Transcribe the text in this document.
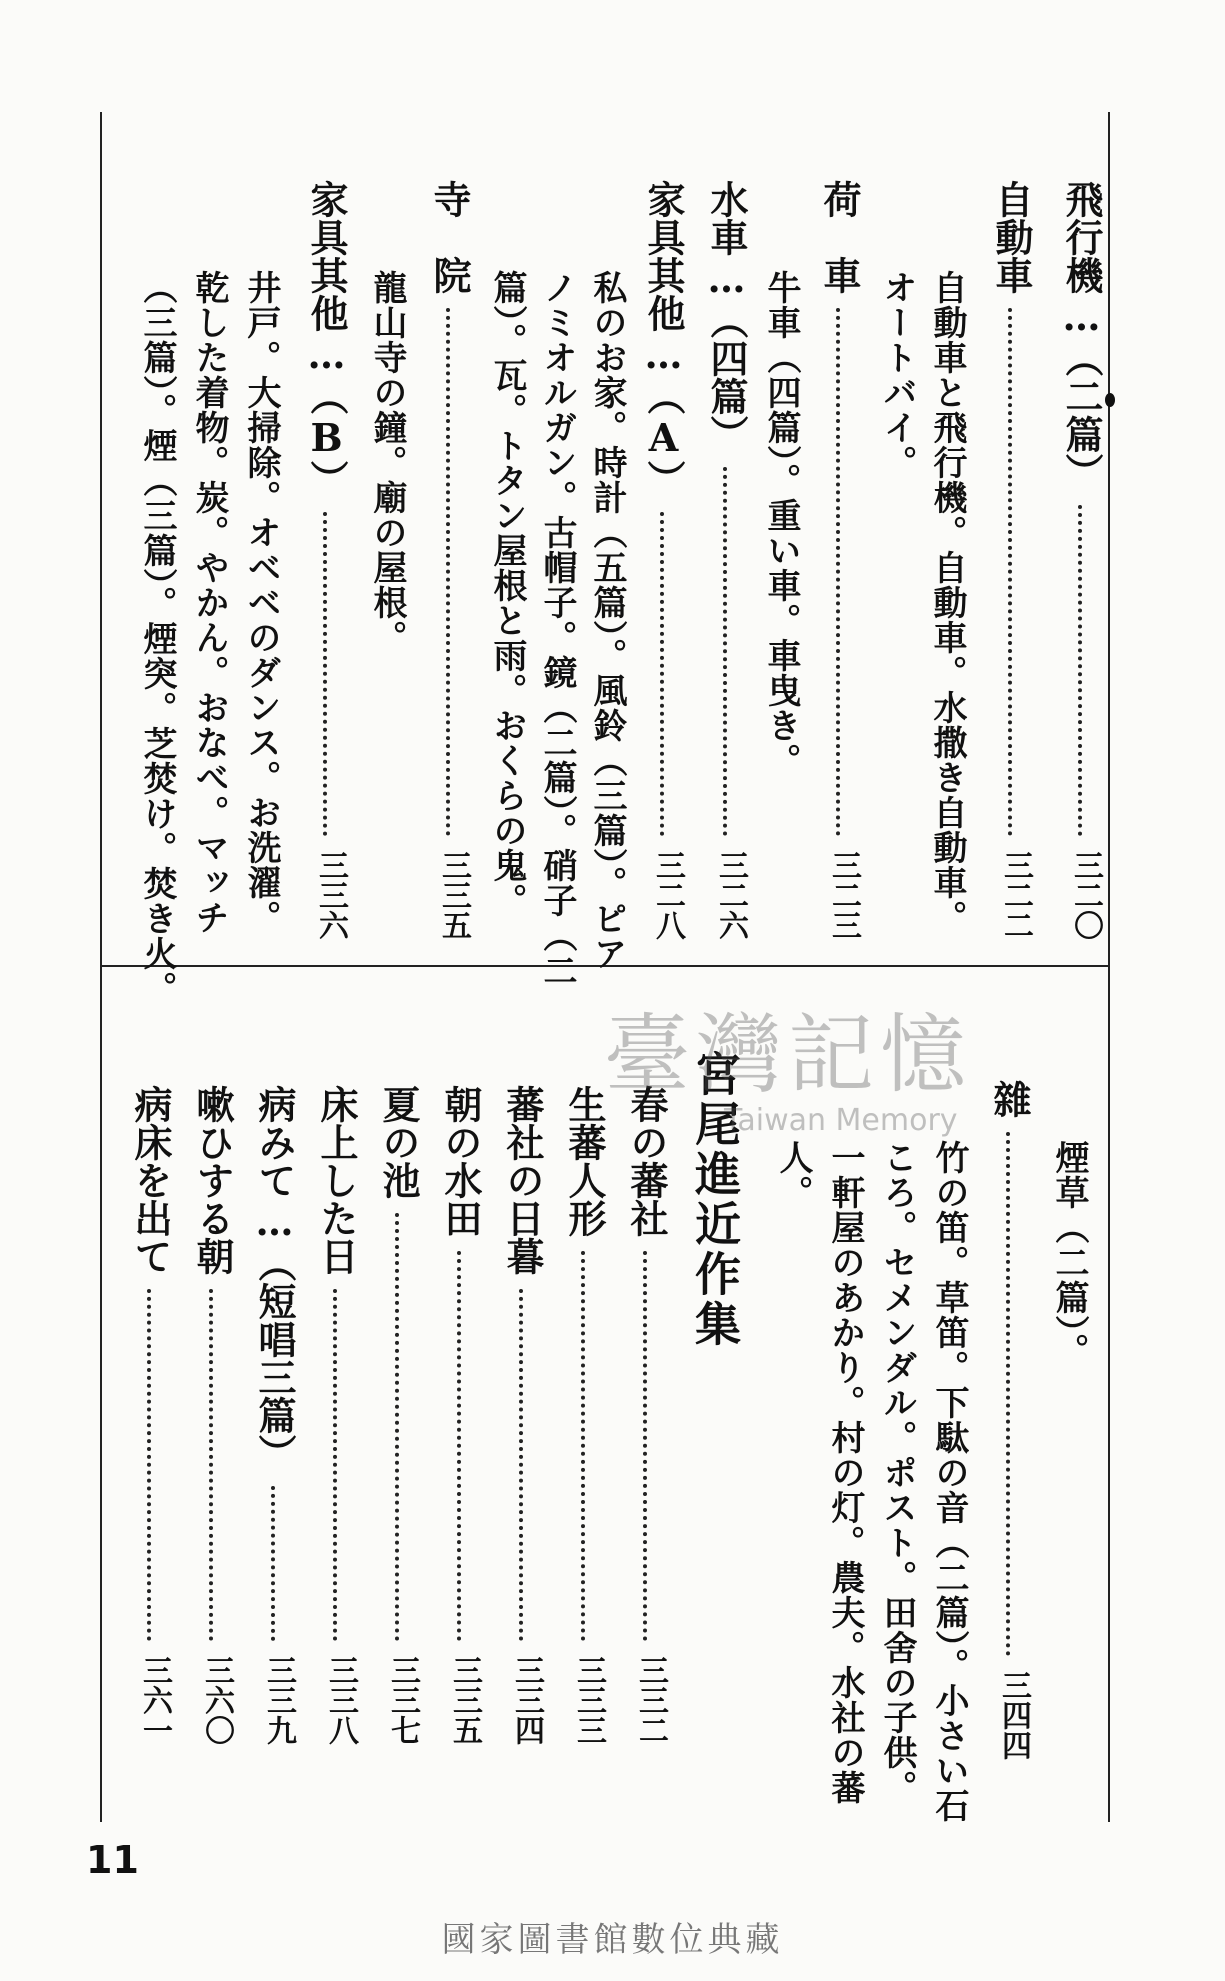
飛行機…（二篇）
三二〇
自動車
三二二
自動車と飛行機。自動車。水撒き自動車。
オートバイ。
荷　車
三二三
牛車（四篇）。重い車。車曳き。
水車…（四篇）
三二六
家具其他…（A）
三二八
私のお家。時計（五篇）。風鈴（三篇）。ピア
ノミオルガン。古帽子。鏡（二篇）。硝子（二
篇）。瓦。トタン屋根と雨。おくらの鬼。
寺　院
三三五
龍山寺の鐘。廟の屋根。
家具其他…（B）
三三六
井戸。大掃除。オベベのダンス。お洗濯。
乾した着物。炭。やかん。おなべ。マッチ
（三篇）。煙（三篇）。煙突。芝焚け。焚き火。
煙草（二篇）。
雜
三四四
竹の笛。草笛。下駄の音（二篇）。小さい石
ころ。セメンダル。ポスト。田舍の子供。
一軒屋のあかり。村の灯。農夫。水社の蕃
人。
宮尾進近作集
春の蕃社
三三二
生蕃人形
三三三
蕃社の日暮
三三四
朝の水田
三三五
夏の池
三三七
床上した日
三三八
病みて…（短唱三篇）
三三九
嗽ひする朝
三六〇
病床を出て
三六一
臺灣記憶
Taiwan Memory
11
國家圖書館數位典藏
